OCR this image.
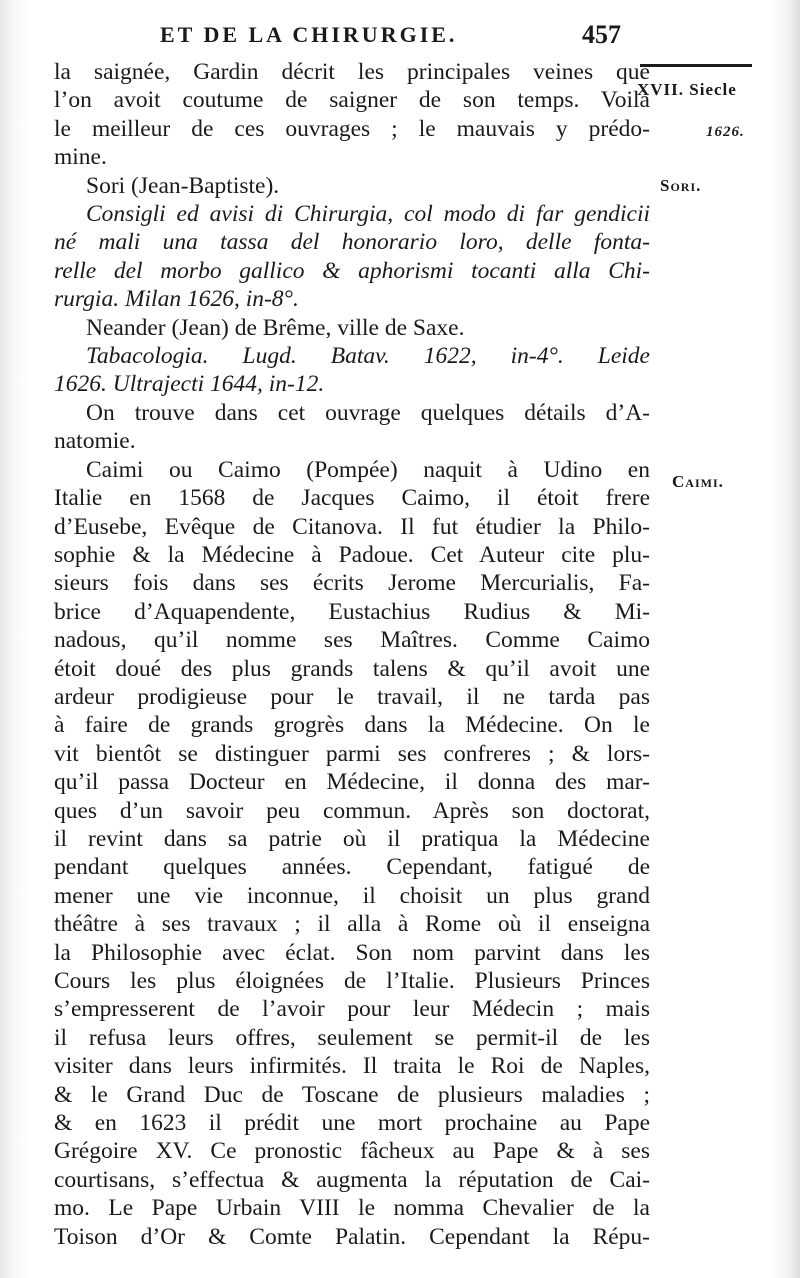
ET DE LA CHIRURGIE.	457
XVII. Siecle
1626.
Sori.
Caimi.
la saignée, Gardin décrit les principales veines que
l’on avoit coutume de saigner de son temps. Voilà
le meilleur de ces ouvrages ; le mauvais y prédo-
mine.
Sori (Jean-Baptiste).
Consigli ed avisi di Chirurgia, col modo di far gendicii
né mali una tassa del honorario loro, delle fonta-
relle del morbo gallico & aphorismi tocanti alla Chi-
rurgia. Milan 1626, in-8°.
Neander (Jean) de Brême, ville de Saxe.
Tabacologia. Lugd. Batav. 1622, in-4°. Leide
1626. Ultrajecti 1644, in-12.
On trouve dans cet ouvrage quelques détails d’A-
natomie.
Caimi ou Caimo (Pompée) naquit à Udino en
Italie en 1568 de Jacques Caimo, il étoit frere
d’Eusebe, Evêque de Citanova. Il fut étudier la Philo-
sophie & la Médecine à Padoue. Cet Auteur cite plu-
sieurs fois dans ses écrits Jerome Mercurialis, Fa-
brice d’Aquapendente, Eustachius Rudius & Mi-
nadous, qu’il nomme ses Maîtres. Comme Caimo
étoit doué des plus grands talens & qu’il avoit une
ardeur prodigieuse pour le travail, il ne tarda pas
à faire de grands grogrès dans la Médecine. On le
vit bientôt se distinguer parmi ses confreres ; & lors-
qu’il passa Docteur en Médecine, il donna des mar-
ques d’un savoir peu commun. Après son doctorat,
il revint dans sa patrie où il pratiqua la Médecine
pendant quelques années. Cependant, fatigué de
mener une vie inconnue, il choisit un plus grand
théâtre à ses travaux ; il alla à Rome où il enseigna
la Philosophie avec éclat. Son nom parvint dans les
Cours les plus éloignées de l’Italie. Plusieurs Princes
s’empresserent de l’avoir pour leur Médecin ; mais
il refusa leurs offres, seulement se permit-il de les
visiter dans leurs infirmités. Il traita le Roi de Naples,
& le Grand Duc de Toscane de plusieurs maladies ;
& en 1623 il prédit une mort prochaine au Pape
Grégoire XV. Ce pronostic fâcheux au Pape & à ses
courtisans, s’effectua & augmenta la réputation de Cai-
mo. Le Pape Urbain VIII le nomma Chevalier de la
Toison d’Or & Comte Palatin. Cependant la Répu-
